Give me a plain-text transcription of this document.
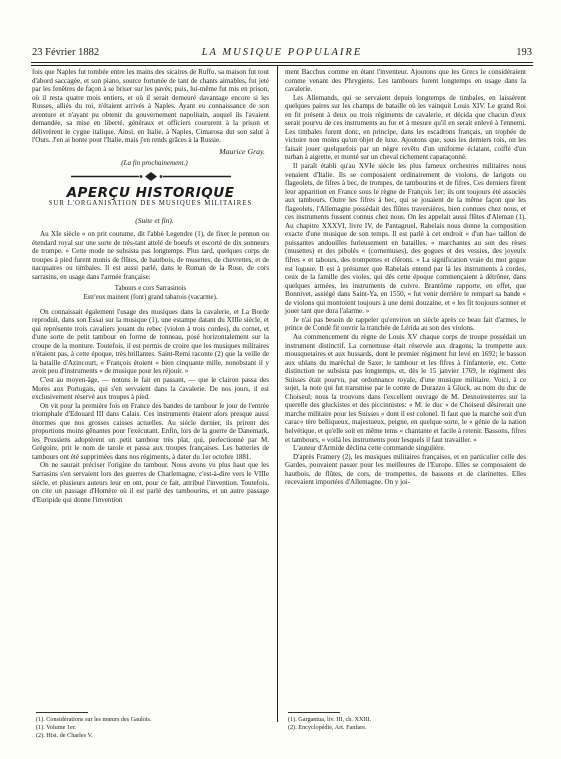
23 Février 1882	LA MUSIQUE POPULAIRE	193

fois que Naples fut tombée entre les mains des sicaires de Ruffo, sa maison fut tout d'abord saccagée, et son piano, source fortunée de tant de chants aimables, fut jeté par les fenêtres de façon à se briser sur les pavés; puis, lui-même fut mis en prison, où il resta quatre mois entiers, et où il serait demeuré davantage encore si les Russes, alliés du roi, n'étaient arrivés à Naples. Ayant eu connaissance de son aventure et n'ayant pu obtenir du gouvernement napolitain, auquel ils l'avaient demandée, sa mise en liberté, généraux et officiers coururent à la prison et délivrèrent le cygne italique. Ainsi, en Italie, à Naples, Cimarosa dut son salut à l'Ours. J'en ai honte pour l'Italie, mais j'en rends grâces à la Russie.

Maurice Gray.

(La fin prochainement.)

APERÇU HISTORIQUE
SUR L'ORGANISATION DES MUSIQUES MILITAIRES

(Suite et fin).

Au XIe siècle « on prit coutume, dit l'abbé Legendre (1), de fixer le pennon ou étendard royal sur une sorte de très-tant attelé de boeufs et escorté de dix sonneurs de trompe. » Cette mode ne subsista pas longtemps. Plus tard, quelques corps de troupes à pied furent munis de flûtes, de hautbois, de musettes, de chevrettes, et de nacquaires ou timbales. Il est aussi parlé, dans le Roman de la Rose, de cors sarrasins, en usage dans l'armée française:

Tabours e cors Sarrasinois

Estr'eux mainent (font) grand tabarois (vacarme).

On connaissait également l'usage des musiques dans la cavalerie, et La Borde reproduit, dans son Essai sur la musique (1), une estampe datant du XIIIe siècle, et qui représente trois cavaliers jouant du rebec (violon à trois cordes), du cornet, et d'une sorte de petit tambour en forme de tonneau, posé horizontalement sur la croupe de la monture. Toutefois, il est permis de croire que les musiques militaires n'étaient pas, à cette époque, très brillantes. Saint-Remi raconte (2) que la veille de la bataille d'Azincourt, « François étoient « bien cinquante mille, nonobstant il y avoit peu d'instruments « de musique pour les réjouir. »

C'est au moyen-âge, — notons le fait en passant, — que le clairon passa des Mores aux Portugais, qui s'en servaient dans la cavalerie. De nos jours, il est exclusivement réservé aux troupes à pied.

On vit pour la première fois en France des bandes de tambour le jour de l'entrée triomphale d'Edouard III dans Calais. Ces instruments étaient alors presque aussi énormes que nos grosses caisses actuelles. Au siècle dernier, ils prirent des proportions moins gênantes pour l'exécutant. Enfin, lors de la guerre de Danemark, les Prussiens adoptèrent un petit tambour très plat, qui, perfectionné par M. Grégoire, prit le nom de tarole et passa aux troupes françaises. Les batteries de tambours ont été supprimées dans nos régiments, à dater du 1er octobre 1881.

On ne saurait préciser l'origine du tambour. Nous avons vu plus haut que les Sarrasins s'en servaient lors des guerres de Charlemagne, c'est-à-dire vers le VIIIe siècle, et plusieurs auteurs leur en ont, pour ce fait, attribué l'invention. Toutefois, on cite un passage d'Homère où il est parlé des tambourins, et un autre passage d'Euripide qui donne l'invention

ment Bacchus comme en étant l'inventeur. Ajoutons que les Grecs le considéraient comme venant des Phrygiens. Les tambours furent longtemps en usage dans la cavalerie.

Les Allemands, qui se servaient depuis longtemps de timbales, en laissèrent quelques paires sur les champs de bataille où les vainquit Louis XIV. Le grand Roi en fit présent à deux ou trois régiments de cavalerie, et décida que chacun d'eux serait pourvu de ces instruments au fur et à mesure qu'il en serait enlevé à l'ennemi. Les timbales furent donc, en principe, dans les escadrons français, un trophée de victoire non moins qu'un objet de luxe. Ajoutons que, sous les derniers rois, on les faisait jouer quelquefois par un nègre revêtu d'un uniforme éclatant, coiffé d'un turban à aigrette, et monté sur un cheval richement caparaçonné.

Il paraît établi qu'au XVIe siècle les plus fameux orchestres militaires nous venaient d'Italie. Ils se composaient ordinairement de violons, de larigots ou flageolets, de fifres à bec, de trompes, de tambourins et de fifres. Ces derniers firent leur apparition en France sous le règne de François 1er; ils ont toujours été associés aux tambours. Outre les fifres à bec, qui se jouaient de la même façon que les flageolets, l'Allemagne possédait des flûtes traversières, bien connues chez nous, et ces instruments fussent connus chez nous. On les appelait aussi flûtes d'Aleman (1). Au chapitre XXXVI, livre IV, de Pantagruel, Rabelais nous donne la composition exacte d'une musique de son temps. Il est parlé à cet endroit « d'un ba« taillon de puissantes andouilles furieusement en batailles, « marchantes au son des rèses (musettes) et des pibolés « (cornemuses), des gogues et des vessies, des joyeulx fifres « et tabours, des trompettes et clérons. » La signification vraie du mot gogue est loguue. Il est à présumer que Rabelais entend par là les instruments à cordes, ceux de la famille des violes, qui dès cette époque commençaient à détrôner, dans quelques armées, les instruments de cuivre. Brantôme rapporte, en effet, que Bonnivet, assiégé dans Saint-Ya, en 1550, « fut venir derrière le rempart sa bande « de violons qui montoient toujours à une demi douzaine, et « les fit toujours sonner et jouer tant que dura l'alarme. »

Je n'ai pas besoin de rappeler qu'environ un siècle après ce beau fait d'armes, le prince de Condé fit ouvrir la tranchée de Lérida au son des violons.

Au commencement du règne de Louis XV chaque corps de troupe possédait un instrument distinctif. La cornemuse était réservée aux dragons; la trompette aux mousquetaires et aux hussards, dont le premier régiment fut levé en 1692; le basson aux uhlans du maréchal de Saxe; le tambour et les fifres à l'infanterie, etc. Cette distinction ne subsista pas longtemps, et, dès le 15 janvier 1769, le régiment des Suisses était pourvu, par ordonnance royale, d'une musique militaire. Voici, à ce sujet, la note qui fut transmise par le comte de Durazzo à Gluck, au nom du duc de Choiseul; nous la trouvons dans l'excellent ouvrage de M. Desnoiresterres sur la querelle des gluckistes et des piccinnistes: « M. le duc « de Choiseul désirerait une marche militaire pour les Suisses « dont il est colonel. Il faut que la marche soit d'un carac« tère belliqueux, majestueux, peigne, en quelque sorte, le « génie de la nation helvétique, et qu'elle soit en même tems « chantante et facile à retenir. Bassons, fifres et tambours, « voilà les instruments pour lesquels il faut travailler. »

L'auteur d'Armide déclina cette commande singulière.

D'après Framery (2), les musiques militaires françaises, et en particulier celle des Gardes, pouvaient passer pour les meilleures de l'Europe. Elles se composaient de hautbois, de flûtes, de cors, de trompettes, de bassons et de clarinettes. Elles recevaient importées d'Allemagne. On y joi-

(1). Considérations sur les mœurs des Gaulois.
(1). Volume 1er.
(2). Hist. de Charles V.
(1). Gargantua, liv. III, ch. XXIII.
(2). Encyclopédie, Art. Fanfare.
